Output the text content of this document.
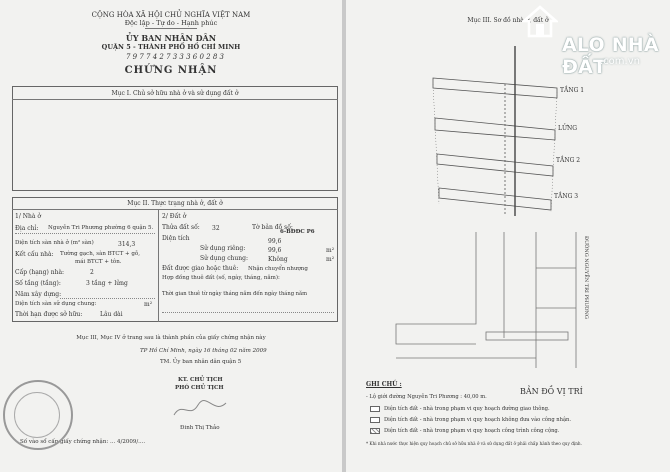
CỘNG HÒA XÃ HỘI CHỦ NGHĨA VIỆT NAM
Độc lập - Tự do - Hạnh phúc
ỦY BAN NHÂN DÂN
QUẬN 5 - THÀNH PHỐ HỒ CHÍ MINH
7 9 7 7 4 2 7 3 3 3 6 0 2 8 3
CHỨNG NHẬN
Mục I. Chủ sở hữu nhà ở và sử dụng đất ở
Mục II. Thực trạng nhà ở, đất ở
1/ Nhà ở
Địa chỉ: Nguyễn Tri Phương phường 6 quận 5.
Diện tích sàn nhà ở (m² sàn)	314,3
Kết cấu nhà: Tường gạch, sàn BTCT + gỗ,
mái BTCT + tôn.
Cấp (hạng) nhà:	2
Số tầng (tầng):	3 tầng + lửng
Năm xây dựng:
Diện tích sàn sử dụng chung:	m²
Thời hạn được sở hữu:	Lâu dài
2/ Đất ở
Thửa đất số: 32	Tờ bản đồ số:
6-BĐĐC P6
Diện tích	99,6
Sử dụng riêng:	99,6	m²
Sử dụng chung:	Không	m²
Đất được giao hoặc thuê: Nhận chuyển nhượng
Hợp đồng thuê đất (số, ngày, tháng, năm):
Thời gian thuê từ ngày tháng năm đến ngày tháng năm
Mục III, Mục IV ở trang sau là thành phần của giấy chứng nhận này
TP Hồ Chí Minh, ngày 16 tháng 02 năm 2009
TM. Ủy ban nhân dân quận 5
KT. CHỦ TỊCH
PHÓ CHỦ TỊCH
Đinh Thị Thảo
Số vào sổ cấp giấy chứng nhận: ... 4/2009/....
Mục III. Sơ đồ nhà ở, đất ở
TẦNG 1
LỬNG
TẦNG 2
TẦNG 3
ĐƯỜNG NGUYỄN TRI PHƯƠNG
BẢN ĐỒ VỊ TRÍ
GHI CHÚ :
- Lộ giới đường Nguyễn Tri Phương : 40,00 m.
Diện tích đất - nhà trong phạm vi quy hoạch đường giao thông.
Diện tích đất - nhà trong phạm vi quy hoạch không đưa vào công nhận.
Diện tích đất - nhà trong phạm vi quy hoạch công trình công cộng.
* Khi nhà nước thực hiện quy hoạch chủ sở hữu nhà ở và sử dụng đất ở phải chấp hành theo quy định.
ALO NHÀ ĐẤT
.com.vn
